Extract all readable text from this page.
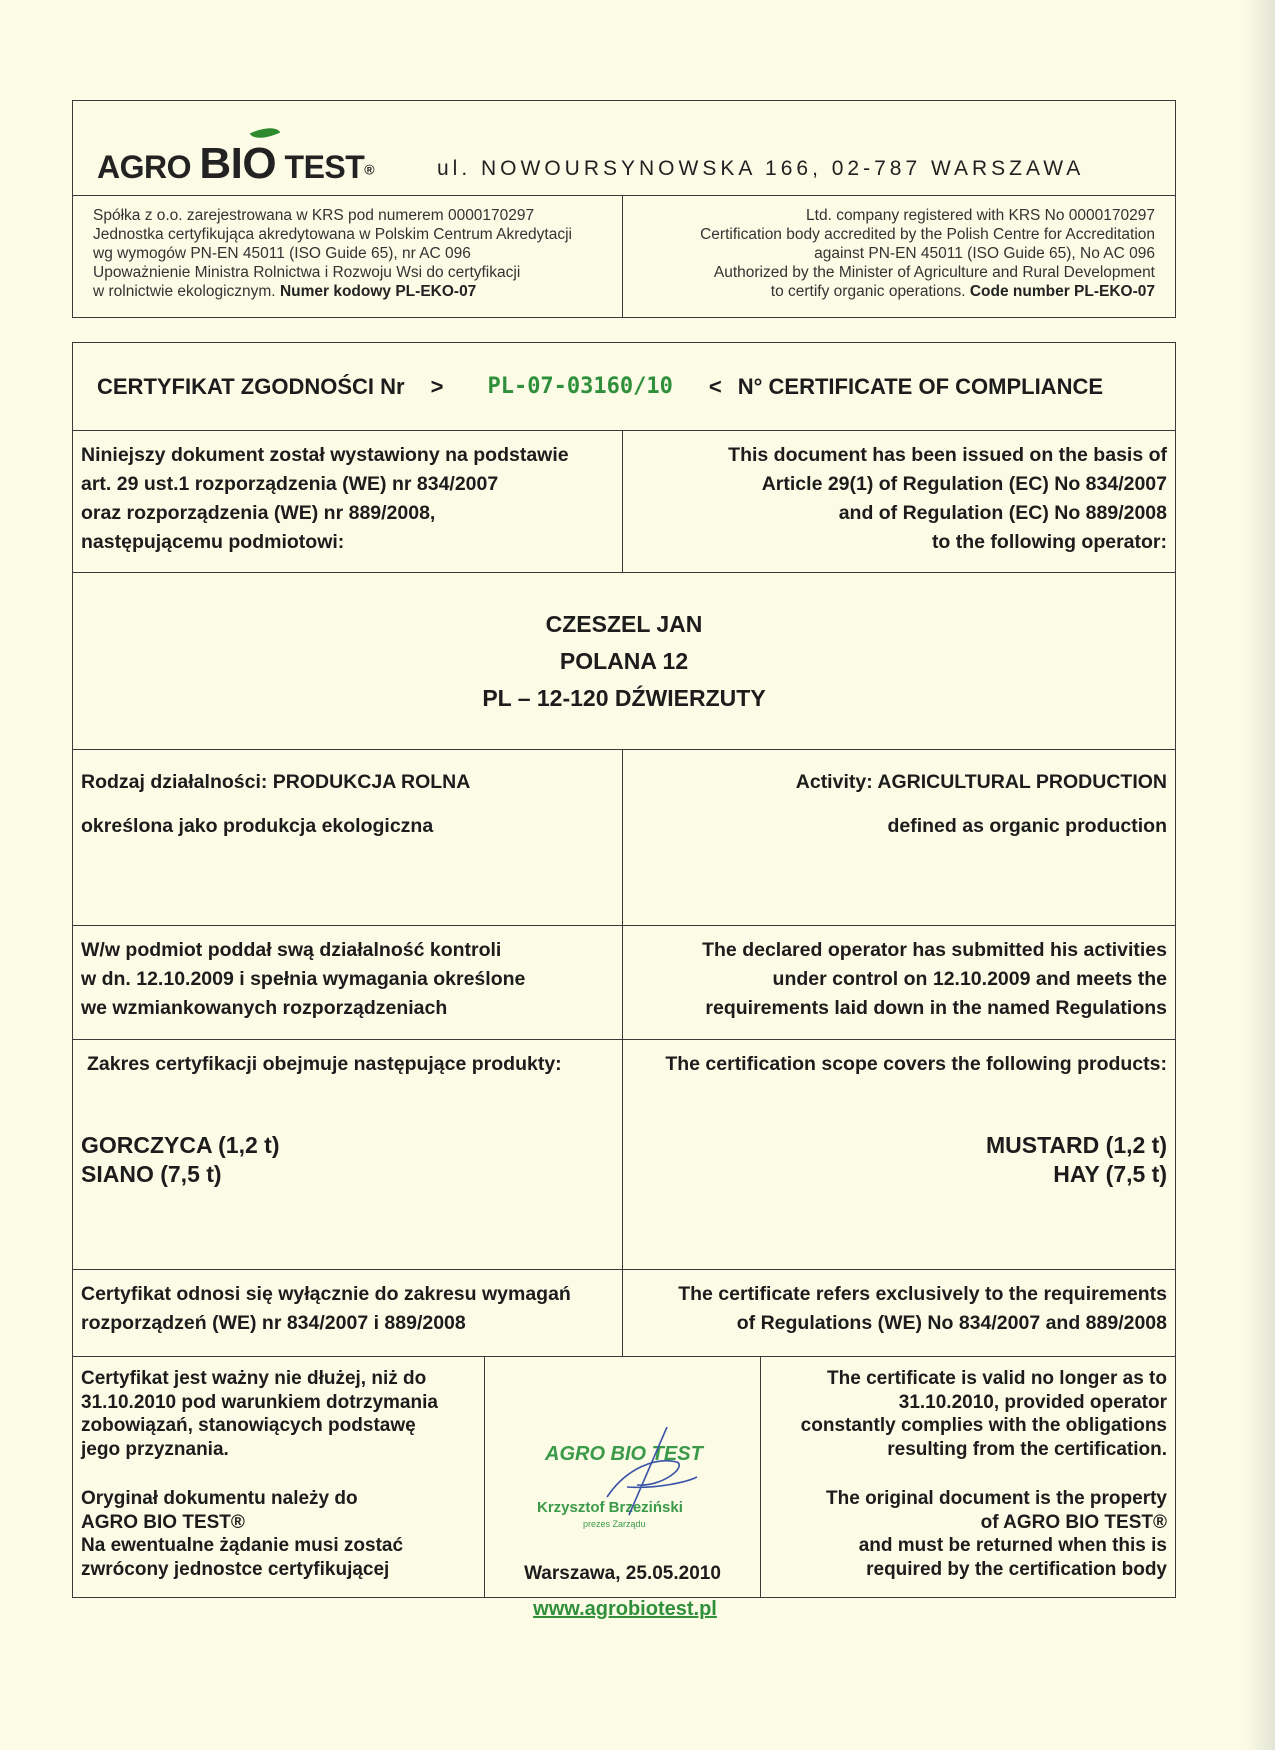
AGRO BIO TEST®	ul. NOWOURSYNOWSKA 166, 02-787 WARSZAWA
Spółka z o.o. zarejestrowana w KRS pod numerem 0000170297
Jednostka certyfikująca akredytowana w Polskim Centrum Akredytacji
wg wymogów PN-EN 45011 (ISO Guide 65), nr AC 096
Upoważnienie Ministra Rolnictwa i Rozwoju Wsi do certyfikacji
w rolnictwie ekologicznym. Numer kodowy PL-EKO-07
Ltd. company registered with KRS No 0000170297
Certification body accredited by the Polish Centre for Accreditation
against PN-EN 45011 (ISO Guide 65), No AC 096
Authorized by the Minister of Agriculture and Rural Development
to certify organic operations. Code number PL-EKO-07
CERTYFIKAT ZGODNOŚCI Nr > PL-07-03160/10 < N° CERTIFICATE OF COMPLIANCE
Niniejszy dokument został wystawiony na podstawie
art. 29 ust.1 rozporządzenia (WE) nr 834/2007
oraz rozporządzenia (WE) nr 889/2008,
następującemu podmiotowi:
This document has been issued on the basis of
Article 29(1) of Regulation (EC) No 834/2007
and of Regulation (EC) No 889/2008
to the following operator:
CZESZEL JAN
POLANA 12
PL – 12-120 DŹWIERZUTY
Rodzaj działalności: PRODUKCJA ROLNA
określona jako produkcja ekologiczna
Activity: AGRICULTURAL PRODUCTION
defined as organic production
W/w podmiot poddał swą działalność kontroli
w dn. 12.10.2009 i spełnia wymagania określone
we wzmiankowanych rozporządzeniach
The declared operator has submitted his activities
under control on 12.10.2009 and meets the
requirements laid down in the named Regulations
Zakres certyfikacji obejmuje następujące produkty:
GORCZYCA (1,2 t)
SIANO (7,5 t)
The certification scope covers the following products:
MUSTARD (1,2 t)
HAY (7,5 t)
Certyfikat odnosi się wyłącznie do zakresu wymagań
rozporządzeń (WE) nr 834/2007 i 889/2008
The certificate refers exclusively to the requirements
of Regulations (WE) No 834/2007 and 889/2008
Certyfikat jest ważny nie dłużej, niż do
31.10.2010 pod warunkiem dotrzymania
zobowiązań, stanowiących podstawę
jego przyznania.
Oryginał dokumentu należy do
AGRO BIO TEST®
Na ewentualne żądanie musi zostać
zwrócony jednostce certyfikującej
AGRO BIO TEST
Krzysztof Brzeziński
prezes Zarządu
Warszawa, 25.05.2010
The certificate is valid no longer as to
31.10.2010, provided operator
constantly complies with the obligations
resulting from the certification.
The original document is the property
of AGRO BIO TEST®
and must be returned when this is
required by the certification body
www.agrobiotest.pl
